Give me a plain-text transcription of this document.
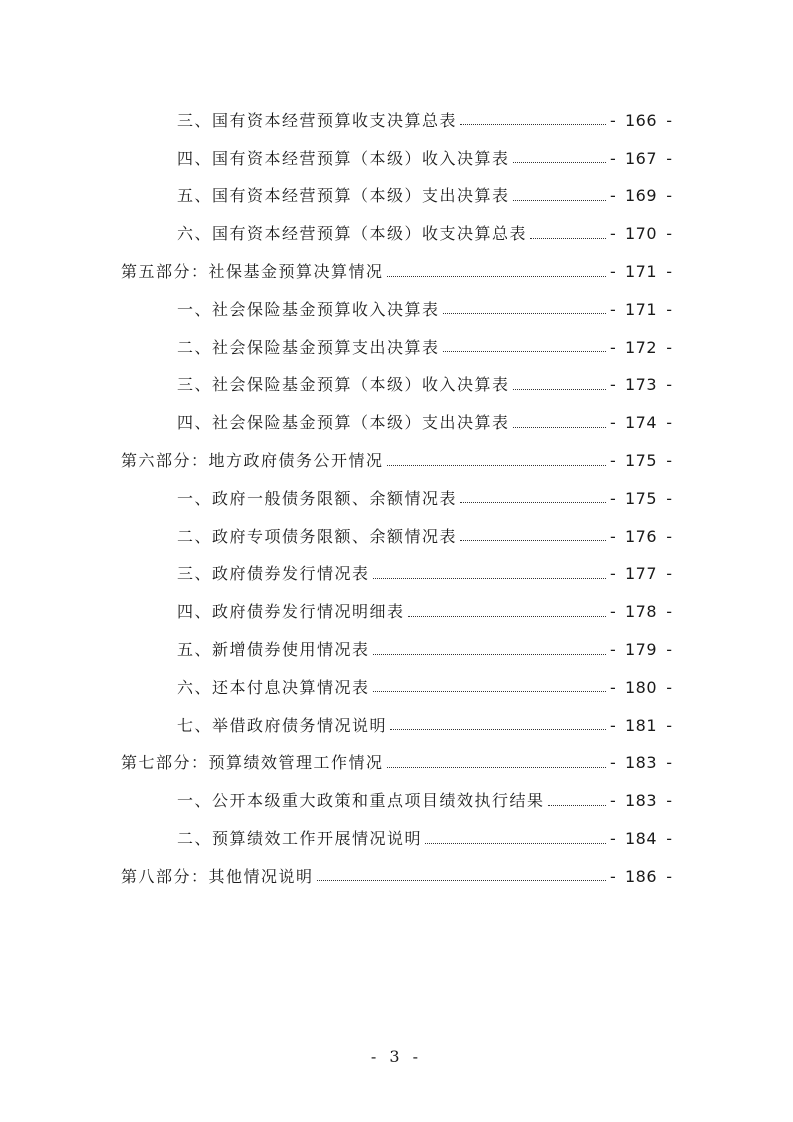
三、国有资本经营预算收支决算总表	- 166 -
四、国有资本经营预算（本级）收入决算表	- 167 -
五、国有资本经营预算（本级）支出决算表	- 169 -
六、国有资本经营预算（本级）收支决算总表	- 170 -
第五部分：社保基金预算决算情况	- 171 -
一、社会保险基金预算收入决算表	- 171 -
二、社会保险基金预算支出决算表	- 172 -
三、社会保险基金预算（本级）收入决算表	- 173 -
四、社会保险基金预算（本级）支出决算表	- 174 -
第六部分：地方政府债务公开情况	- 175 -
一、政府一般债务限额、余额情况表	- 175 -
二、政府专项债务限额、余额情况表	- 176 -
三、政府债券发行情况表	- 177 -
四、政府债券发行情况明细表	- 178 -
五、新增债券使用情况表	- 179 -
六、还本付息决算情况表	- 180 -
七、举借政府债务情况说明	- 181 -
第七部分：预算绩效管理工作情况	- 183 -
一、公开本级重大政策和重点项目绩效执行结果	- 183 -
二、预算绩效工作开展情况说明	- 184 -
第八部分：其他情况说明	- 186 -
- 3 -
